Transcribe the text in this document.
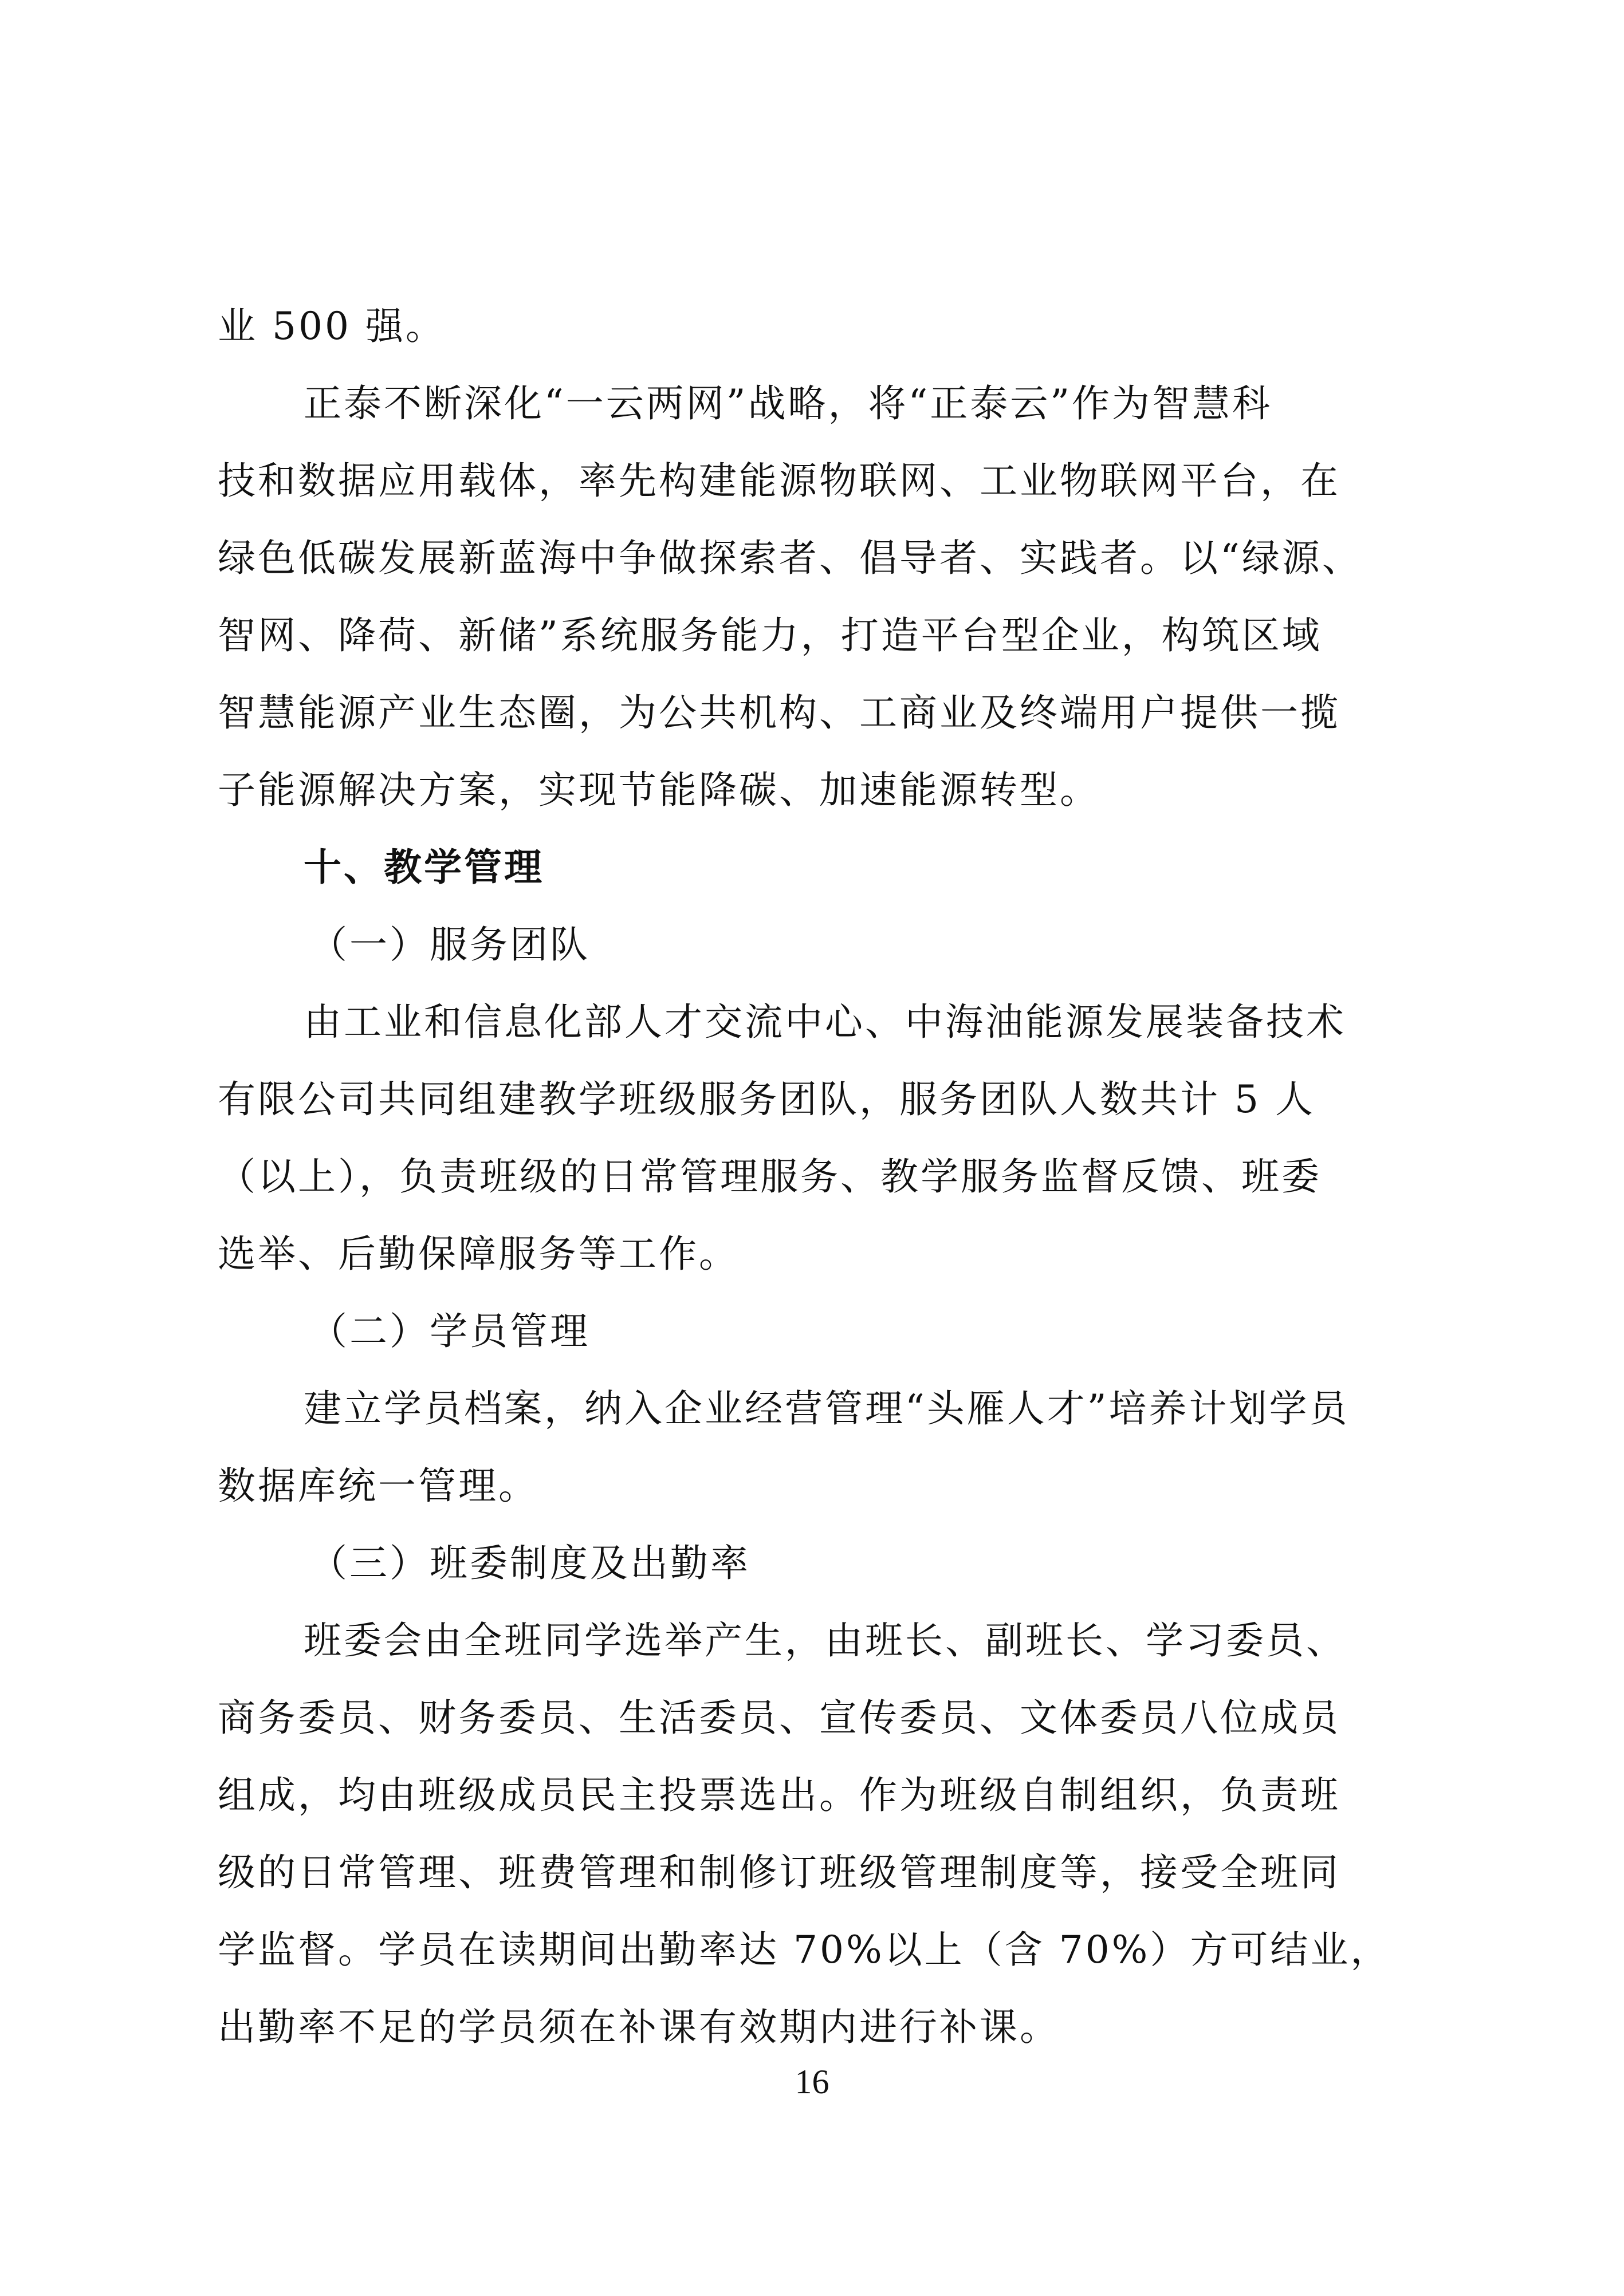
业 500 强。
正泰不断深化“一云两网”战略，将“正泰云”作为智慧科
技和数据应用载体，率先构建能源物联网、工业物联网平台，在
绿色低碳发展新蓝海中争做探索者、倡导者、实践者。以“绿源、
智网、降荷、新储”系统服务能力，打造平台型企业，构筑区域
智慧能源产业生态圈，为公共机构、工商业及终端用户提供一揽
子能源解决方案，实现节能降碳、加速能源转型。
十、教学管理
（一）服务团队
由工业和信息化部人才交流中心、中海油能源发展装备技术
有限公司共同组建教学班级服务团队，服务团队人数共计 5 人
（以上），负责班级的日常管理服务、教学服务监督反馈、班委
选举、后勤保障服务等工作。
（二）学员管理
建立学员档案，纳入企业经营管理“头雁人才”培养计划学员
数据库统一管理。
（三）班委制度及出勤率
班委会由全班同学选举产生，由班长、副班长、学习委员、
商务委员、财务委员、生活委员、宣传委员、文体委员八位成员
组成，均由班级成员民主投票选出。作为班级自制组织，负责班
级的日常管理、班费管理和制修订班级管理制度等，接受全班同
学监督。学员在读期间出勤率达 70%以上（含 70%）方可结业，
出勤率不足的学员须在补课有效期内进行补课。
16
